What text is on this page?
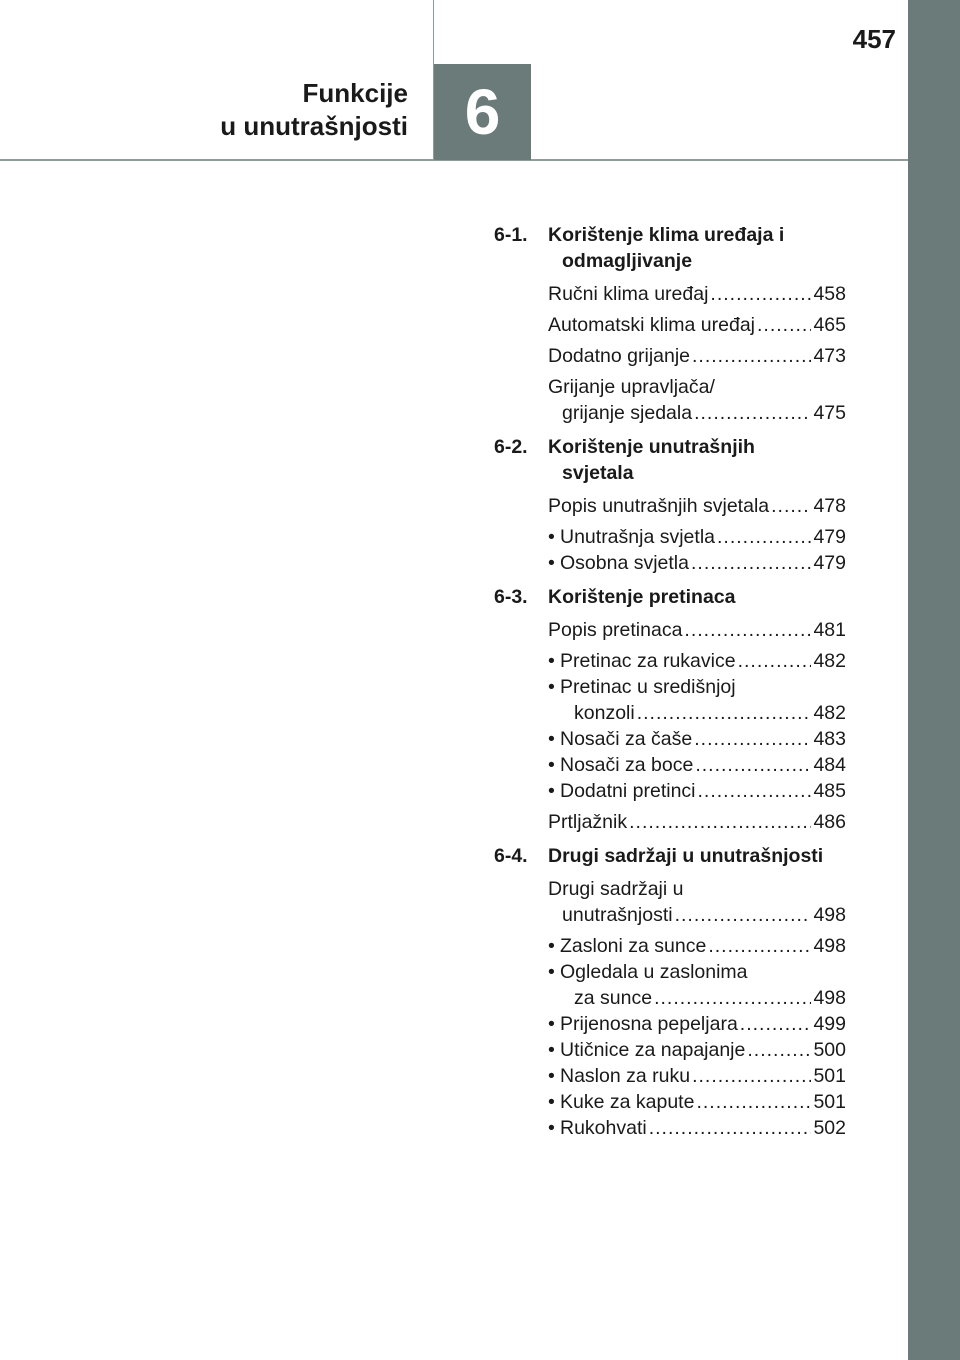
457
6
Funkcije
u unutrašnjosti
6-1. Korištenje klima uređaja i
odmagljivanje
Ručni klima uređaj .....	458
Automatski klima uređaj .....	465
Dodatno grijanje .....	473
Grijanje upravljača/
grijanje sjedala .....	475
6-2. Korištenje unutrašnjih
svjetala
Popis unutrašnjih svjetala ..... 478
• Unutrašnja svjetla .....	479
• Osobna svjetla .....	479
6-3. Korištenje pretinaca
Popis pretinaca .....	481
• Pretinac za rukavice .....	482
• Pretinac u središnjoj
konzoli .....	482
• Nosači za čaše .....	483
• Nosači za boce .....	484
• Dodatni pretinci .....	485
Prtljažnik .....	486
6-4. Drugi sadržaji u unutrašnjosti
Drugi sadržaji u
unutrašnjosti .....	498
• Zasloni za sunce .....	498
• Ogledala u zaslonima
za sunce .....	498
• Prijenosna pepeljara .....	499
• Utičnice za napajanje .....	500
• Naslon za ruku .....	501
• Kuke za kapute .....	501
• Rukohvati .....	502
